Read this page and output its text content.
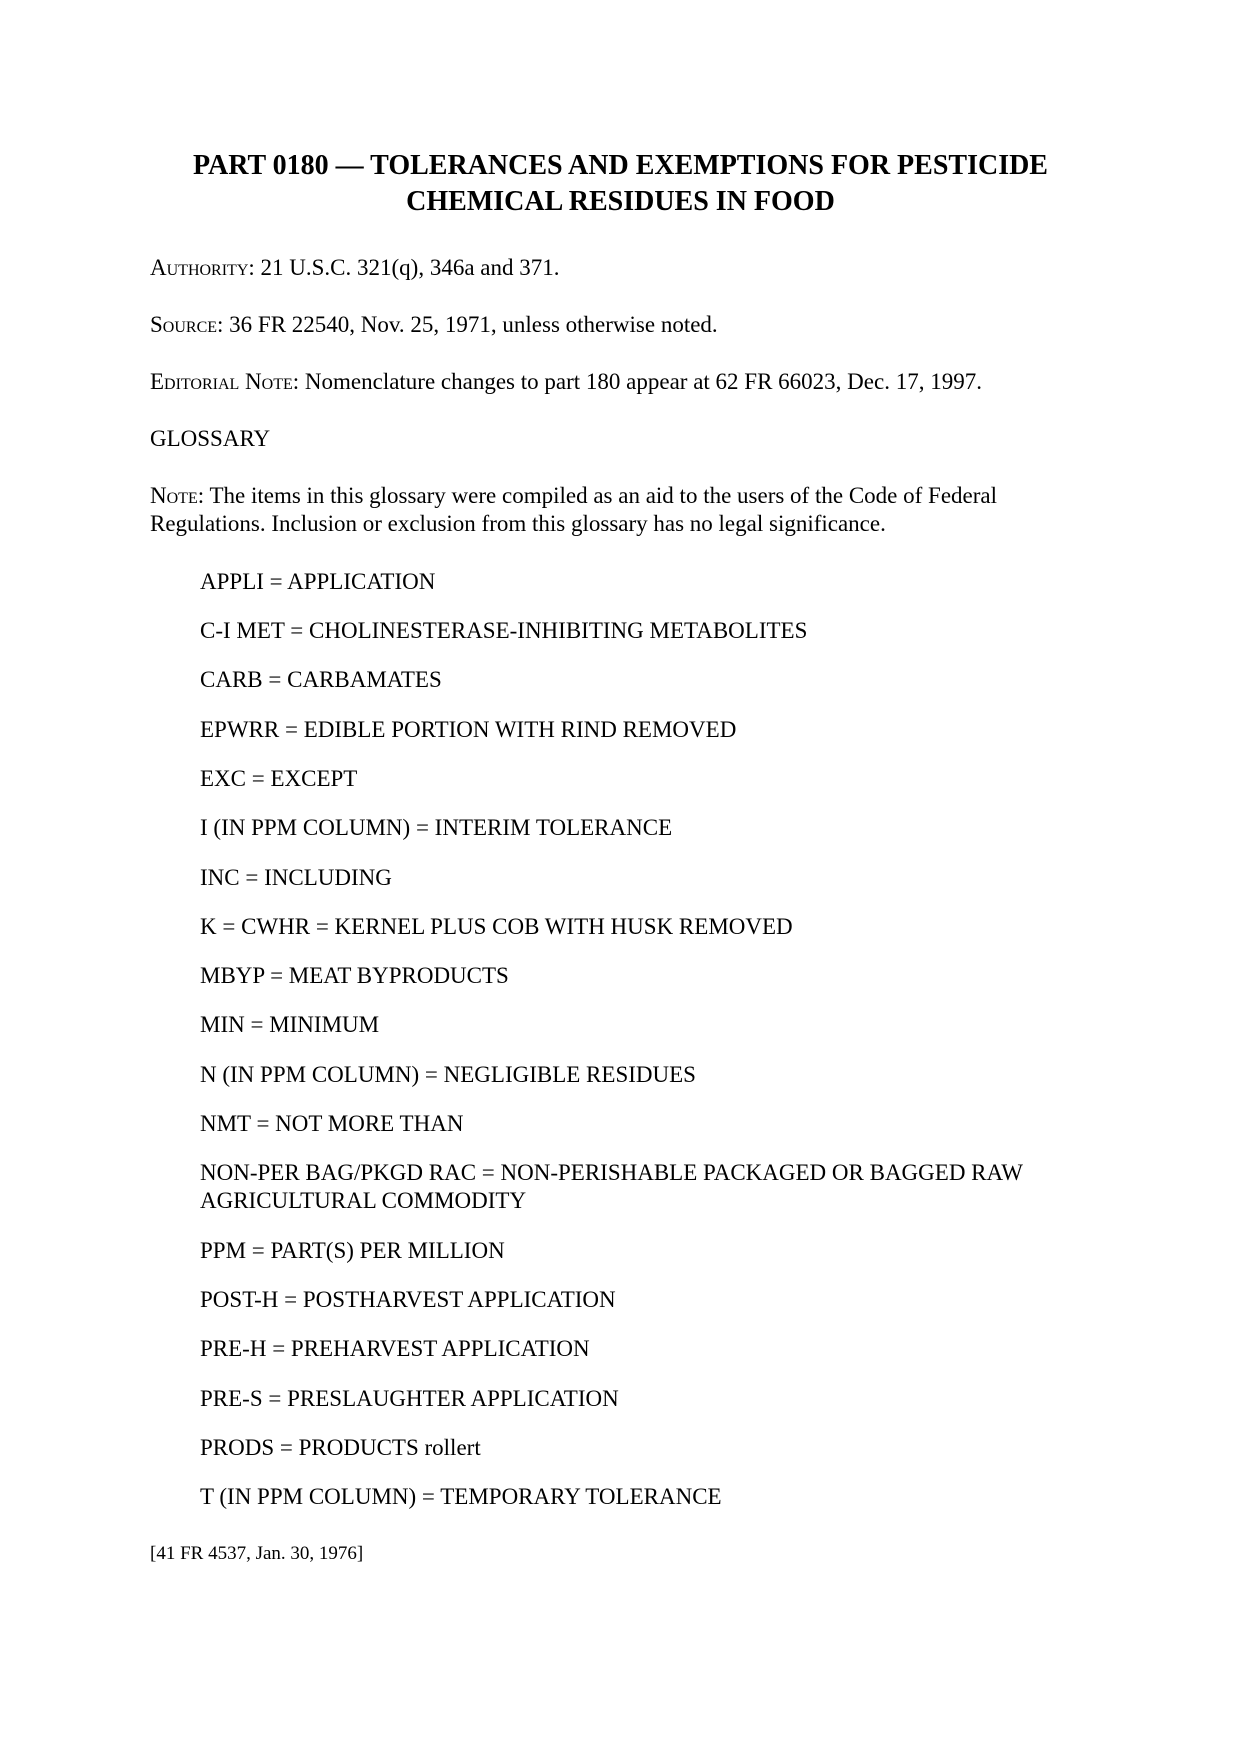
PART 0180 — TOLERANCES AND EXEMPTIONS FOR PESTICIDE CHEMICAL RESIDUES IN FOOD

Authority: 21 U.S.C. 321(q), 346a and 371.

Source: 36 FR 22540, Nov. 25, 1971, unless otherwise noted.

Editorial Note: Nomenclature changes to part 180 appear at 62 FR 66023, Dec. 17, 1997.

GLOSSARY

Note: The items in this glossary were compiled as an aid to the users of the Code of Federal Regulations. Inclusion or exclusion from this glossary has no legal significance.

APPLI = APPLICATION
C-I MET = CHOLINESTERASE-INHIBITING METABOLITES
CARB = CARBAMATES
EPWRR = EDIBLE PORTION WITH RIND REMOVED
EXC = EXCEPT
I (IN PPM COLUMN) = INTERIM TOLERANCE
INC = INCLUDING
K = CWHR = KERNEL PLUS COB WITH HUSK REMOVED
MBYP = MEAT BYPRODUCTS
MIN = MINIMUM
N (IN PPM COLUMN) = NEGLIGIBLE RESIDUES
NMT = NOT MORE THAN
NON-PER BAG/PKGD RAC = NON-PERISHABLE PACKAGED OR BAGGED RAW AGRICULTURAL COMMODITY
PPM = PART(S) PER MILLION
POST-H = POSTHARVEST APPLICATION
PRE-H = PREHARVEST APPLICATION
PRE-S = PRESLAUGHTER APPLICATION
PRODS = PRODUCTS rollert
T (IN PPM COLUMN) = TEMPORARY TOLERANCE

[41 FR 4537, Jan. 30, 1976]
